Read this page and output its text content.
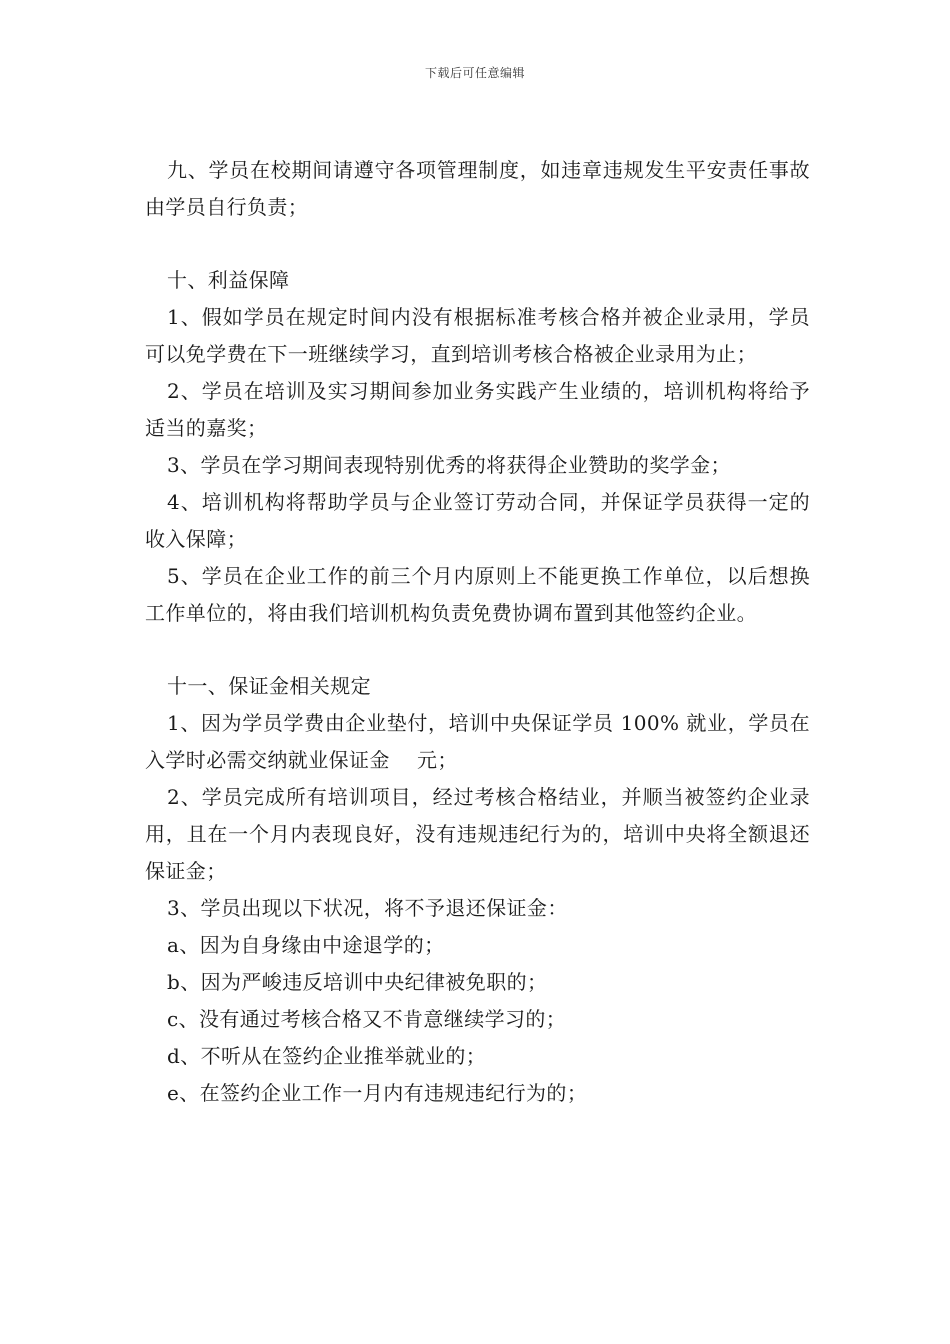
下载后可任意编辑

九、学员在校期间请遵守各项管理制度，如违章违规发生平安责任事故由学员自行负责；

十、利益保障

1、假如学员在规定时间内没有根据标准考核合格并被企业录用，学员可以免学费在下一班继续学习，直到培训考核合格被企业录用为止；

2、学员在培训及实习期间参加业务实践产生业绩的，培训机构将给予适当的嘉奖；

3、学员在学习期间表现特别优秀的将获得企业赞助的奖学金；

4、培训机构将帮助学员与企业签订劳动合同，并保证学员获得一定的收入保障；

5、学员在企业工作的前三个月内原则上不能更换工作单位，以后想换工作单位的，将由我们培训机构负责免费协调布置到其他签约企业。

十一、保证金相关规定

1、因为学员学费由企业垫付，培训中央保证学员 100% 就业，学员在入学时必需交纳就业保证金　 元；

2、学员完成所有培训项目，经过考核合格结业，并顺当被签约企业录用，且在一个月内表现良好，没有违规违纪行为的，培训中央将全额退还保证金；

3、学员出现以下状况，将不予退还保证金：

a、因为自身缘由中途退学的；

b、因为严峻违反培训中央纪律被免职的；

c、没有通过考核合格又不肯意继续学习的；

d、不听从在签约企业推举就业的；

e、在签约企业工作一月内有违规违纪行为的；
